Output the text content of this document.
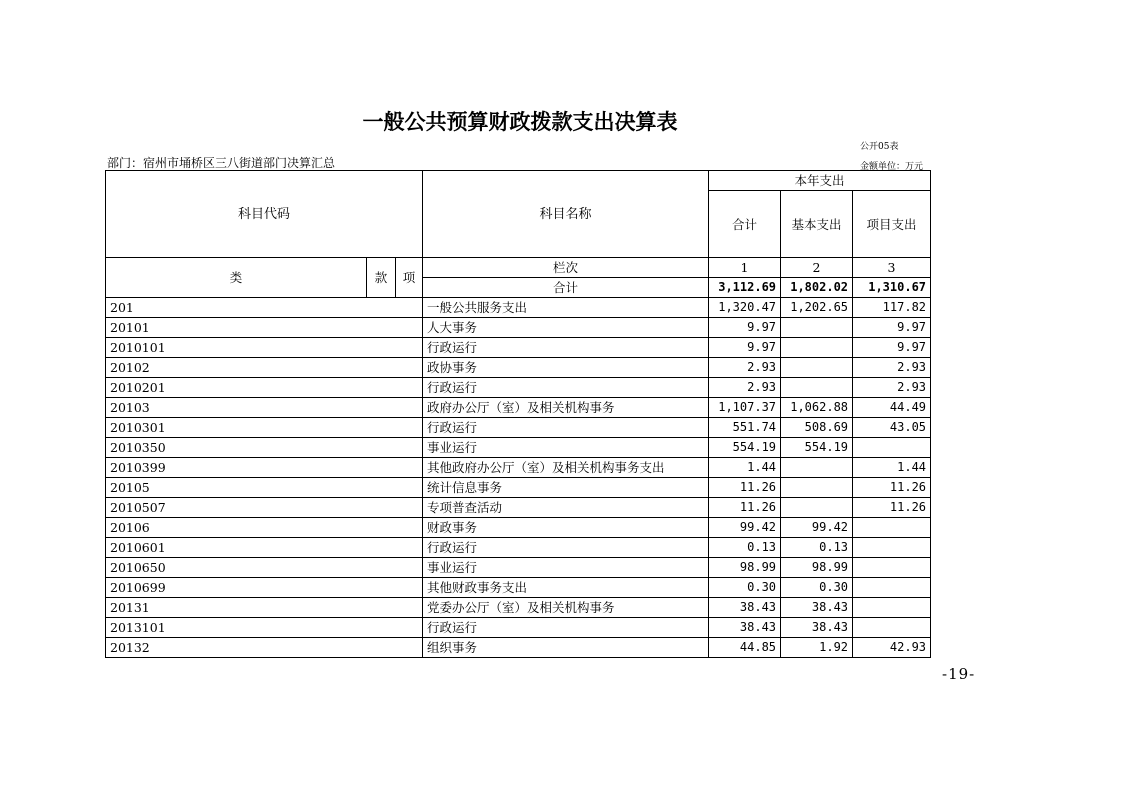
一般公共预算财政拨款支出决算表
公开05表
金额单位：万元
部门：宿州市埇桥区三八街道部门决算汇总
科目代码			科目名称	本年支出		
				合计	基本支出	项目支出

类	款	项	栏次	1	2	3
			合计	3,112.69	1,802.02	1,310.67
201			一般公共服务支出	1,320.47	1,202.65	117.82
20101			人大事务	9.97		9.97
2010101			行政运行	9.97		9.97
20102			政协事务	2.93		2.93
2010201			行政运行	2.93		2.93
20103			政府办公厅（室）及相关机构事务	1,107.37	1,062.88	44.49
2010301			行政运行	551.74	508.69	43.05
2010350			事业运行	554.19	554.19	
2010399			其他政府办公厅（室）及相关机构事务支出	1.44		1.44
20105			统计信息事务	11.26		11.26
2010507			专项普查活动	11.26		11.26
20106			财政事务	99.42	99.42	
2010601			行政运行	0.13	0.13	
2010650			事业运行	98.99	98.99	
2010699			其他财政事务支出	0.30	0.30	
20131			党委办公厅（室）及相关机构事务	38.43	38.43	
2013101			行政运行	38.43	38.43	
20132			组织事务	44.85	1.92	42.93
-19-
